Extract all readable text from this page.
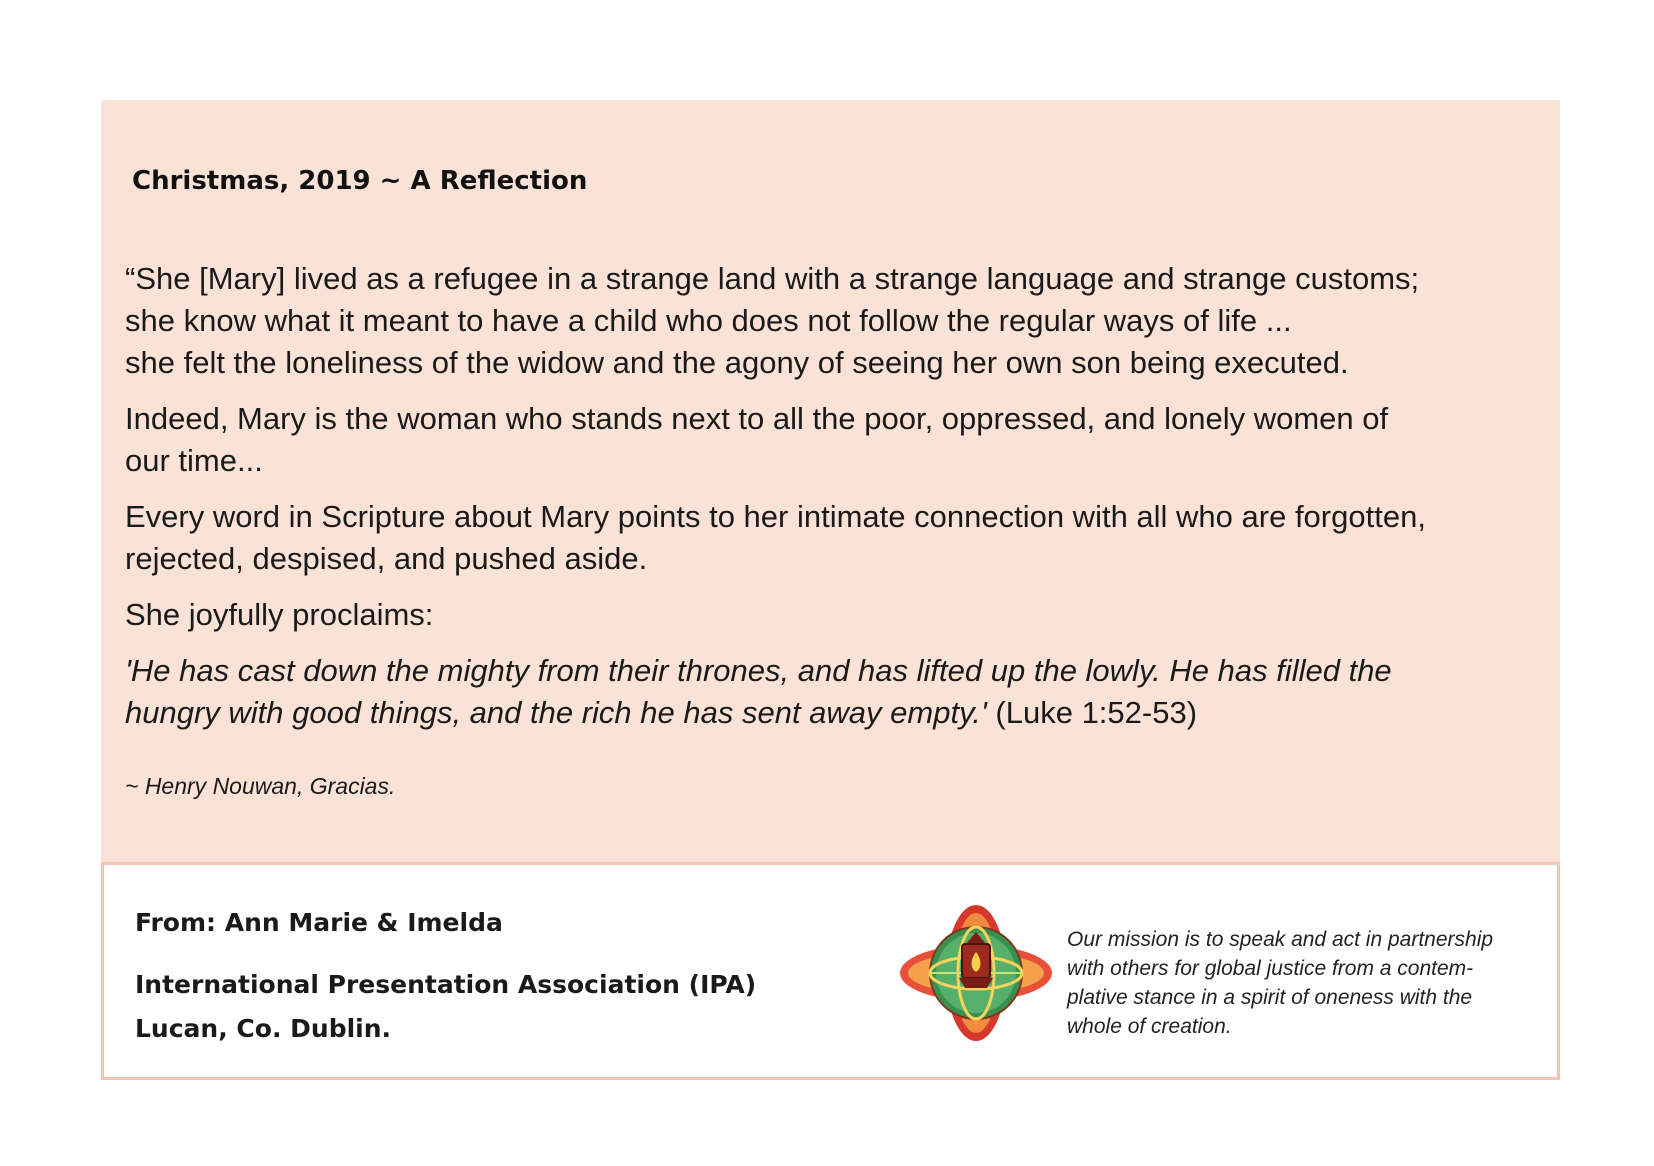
Christmas, 2019 ~ A Reflection
“She [Mary] lived as a refugee in a strange land with a strange language and strange customs;
she know what it meant to have a child who does not follow the regular ways of life ...
she felt the loneliness of the widow and the agony of seeing her own son being executed.
Indeed, Mary is the woman who stands next to all the poor, oppressed, and lonely women of
our time...
Every word in Scripture about Mary points to her intimate connection with all who are forgotten,
rejected, despised, and pushed aside.
She joyfully proclaims:
'He has cast down the mighty from their thrones, and has lifted up the lowly. He has filled the
hungry with good things, and the rich he has sent away empty.' (Luke 1:52-53)
~ Henry Nouwan, Gracias.
From: Ann Marie & Imelda
International Presentation Association (IPA)
Lucan, Co. Dublin.
Our mission is to speak and act in partnership
with others for global justice from a contem-
plative stance in a spirit of oneness with the
whole of creation.
